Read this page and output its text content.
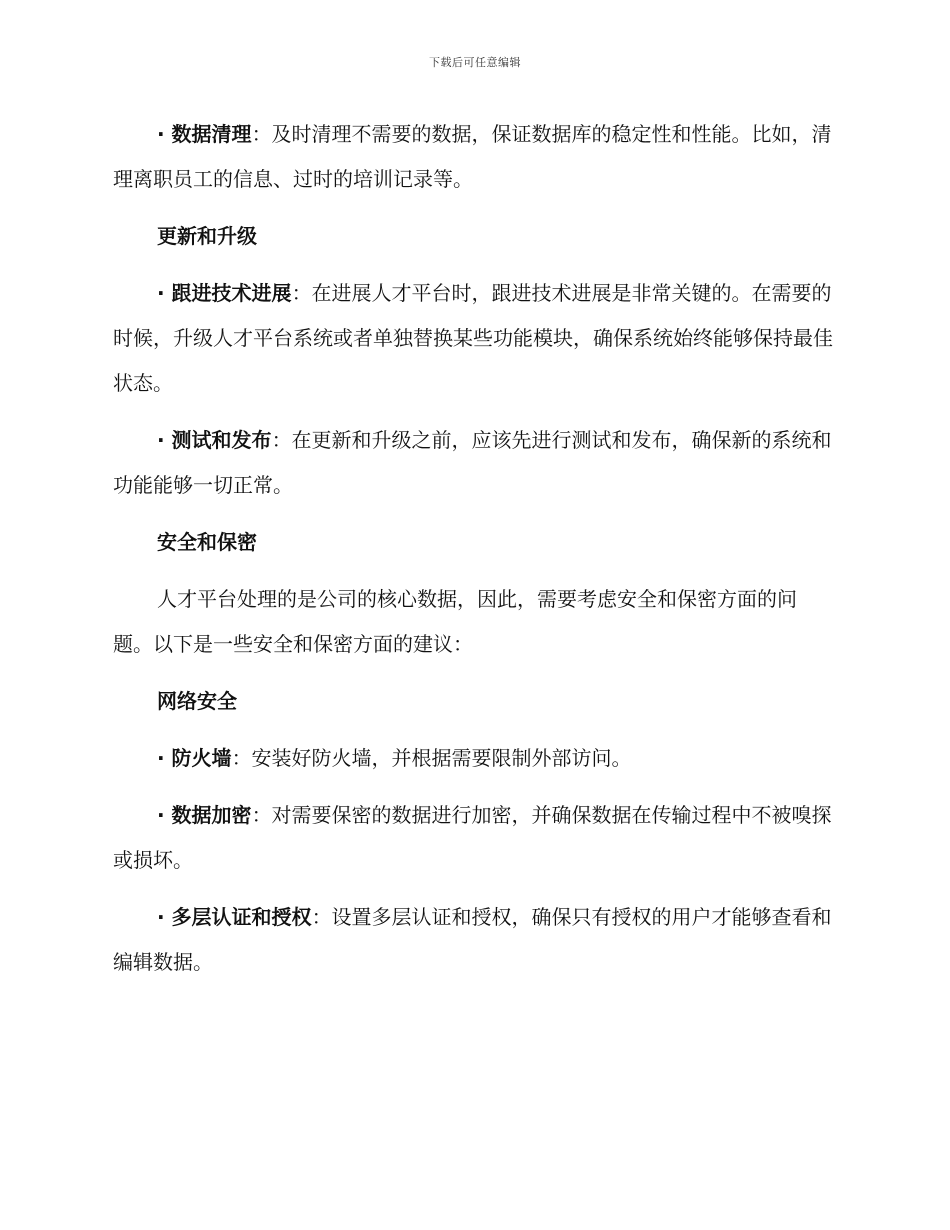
下载后可任意编辑

· 数据清理：及时清理不需要的数据，保证数据库的稳定性和性能。比如，清理离职员工的信息、过时的培训记录等。

更新和升级

· 跟进技术进展：在进展人才平台时，跟进技术进展是非常关键的。在需要的时候，升级人才平台系统或者单独替换某些功能模块，确保系统始终能够保持最佳状态。

· 测试和发布：在更新和升级之前，应该先进行测试和发布，确保新的系统和功能能够一切正常。

安全和保密

人才平台处理的是公司的核心数据，因此，需要考虑安全和保密方面的问题。以下是一些安全和保密方面的建议：

网络安全

· 防火墙：安装好防火墙，并根据需要限制外部访问。

· 数据加密：对需要保密的数据进行加密，并确保数据在传输过程中不被嗅探或损坏。

· 多层认证和授权：设置多层认证和授权，确保只有授权的用户才能够查看和编辑数据。
